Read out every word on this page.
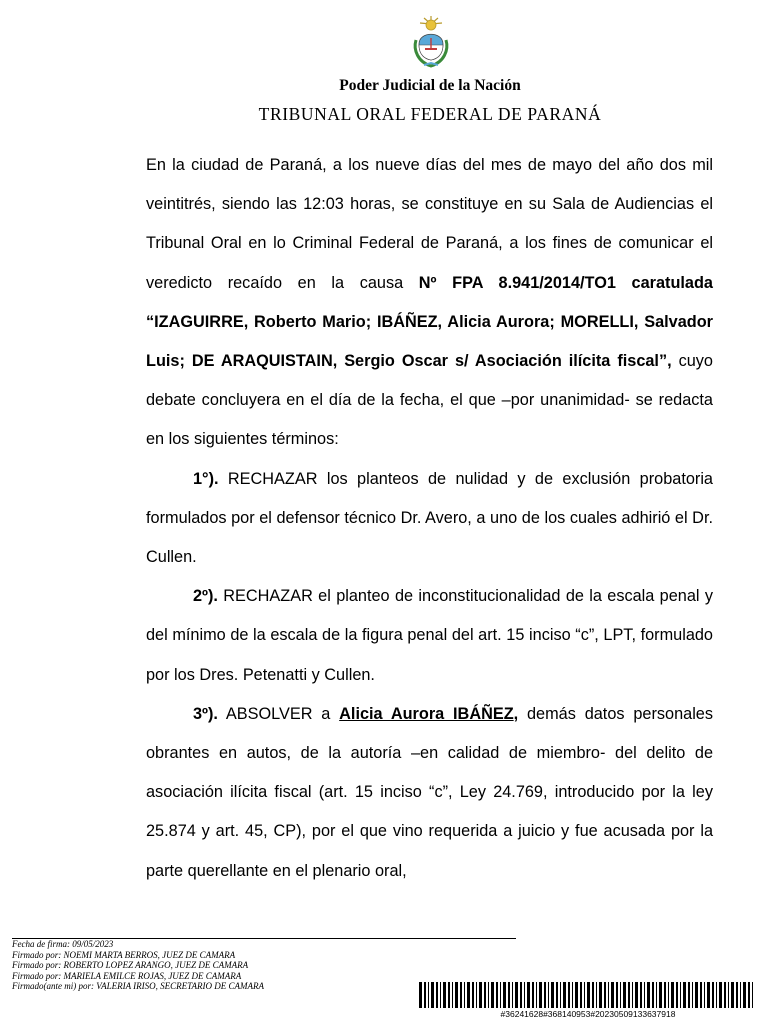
Poder Judicial de la Nación
TRIBUNAL ORAL FEDERAL DE PARANÁ

En la ciudad de Paraná, a los nueve días del mes de mayo del año dos mil veintitrés, siendo las 12:03 horas, se constituye en su Sala de Audiencias el Tribunal Oral en lo Criminal Federal de Paraná, a los fines de comunicar el veredicto recaído en la causa Nº FPA 8.941/2014/TO1 caratulada “IZAGUIRRE, Roberto Mario; IBÁÑEZ, Alicia Aurora; MORELLI, Salvador Luis; DE ARAQUISTAIN, Sergio Oscar s/ Asociación ilícita fiscal”, cuyo debate concluyera en el día de la fecha, el que –por unanimidad- se redacta en los siguientes términos:

1°). RECHAZAR los planteos de nulidad y de exclusión probatoria formulados por el defensor técnico Dr. Avero, a uno de los cuales adhirió el Dr. Cullen.

2º). RECHAZAR el planteo de inconstitucionalidad de la escala penal y del mínimo de la escala de la figura penal del art. 15 inciso “c”, LPT, formulado por los Dres. Petenatti y Cullen.

3º). ABSOLVER a Alicia Aurora IBÁÑEZ, demás datos personales obrantes en autos, de la autoría –en calidad de miembro- del delito de asociación ilícita fiscal (art. 15 inciso “c”, Ley 24.769, introducido por la ley 25.874 y art. 45, CP), por el que vino requerida a juicio y fue acusada por la parte querellante en el plenario oral,

Fecha de firma: 09/05/2023
Firmado por: NOEMI MARTA BERROS, JUEZ DE CAMARA
Firmado por: ROBERTO LOPEZ ARANGO, JUEZ DE CAMARA
Firmado por: MARIELA EMILCE ROJAS, JUEZ DE CAMARA
Firmado(ante mi) por: VALERIA IRISO, SECRETARIO DE CAMARA
#36241628#368140953#20230509133637918
